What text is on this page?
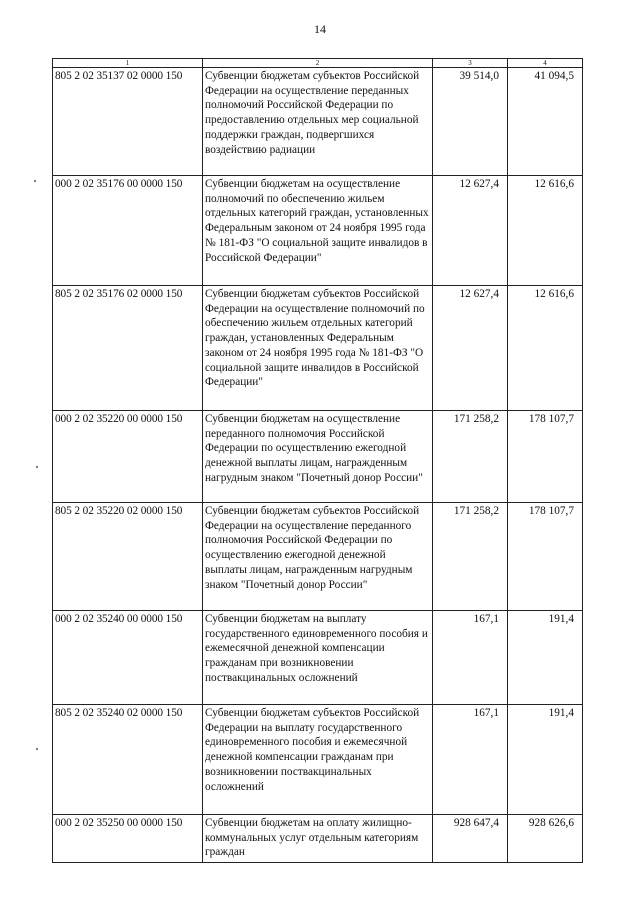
14
1	2	3	4
805 2 02 35137 02 0000 150	Субвенции бюджетам субъектов Российской Федерации на осуществление переданных полномочий Российской Федерации по предоставлению отдельных мер социальной поддержки граждан, подвергшихся воздействию радиации	39 514,0	41 094,5
000 2 02 35176 00 0000 150	Субвенции бюджетам на осуществление полномочий по обеспечению жильем отдельных категорий граждан, установленных Федеральным законом от 24 ноября 1995 года № 181-ФЗ "О социальной защите инвалидов в Российской Федерации"	12 627,4	12 616,6
805 2 02 35176 02 0000 150	Субвенции бюджетам субъектов Российской Федерации на осуществление полномочий по обеспечению жильем отдельных категорий граждан, установленных Федеральным законом от 24 ноября 1995 года № 181-ФЗ "О социальной защите инвалидов в Российской Федерации"	12 627,4	12 616,6
000 2 02 35220 00 0000 150	Субвенции бюджетам на осуществление переданного полномочия Российской Федерации по осуществлению ежегодной денежной выплаты лицам, награжденным нагрудным знаком "Почетный донор России"	171 258,2	178 107,7
805 2 02 35220 02 0000 150	Субвенции бюджетам субъектов Российской Федерации на осуществление переданного полномочия Российской Федерации по осуществлению ежегодной денежной выплаты лицам, награжденным нагрудным знаком "Почетный донор России"	171 258,2	178 107,7
000 2 02 35240 00 0000 150	Субвенции бюджетам на выплату государственного единовременного пособия и ежемесячной денежной компенсации гражданам при возникновении поствакцинальных осложнений	167,1	191,4
805 2 02 35240 02 0000 150	Субвенции бюджетам субъектов Российской Федерации на выплату государственного единовременного пособия и ежемесячной денежной компенсации гражданам при возникновении поствакцинальных осложнений	167,1	191,4
000 2 02 35250 00 0000 150	Субвенции бюджетам на оплату жилищно-коммунальных услуг отдельным категориям граждан	928 647,4	928 626,6
